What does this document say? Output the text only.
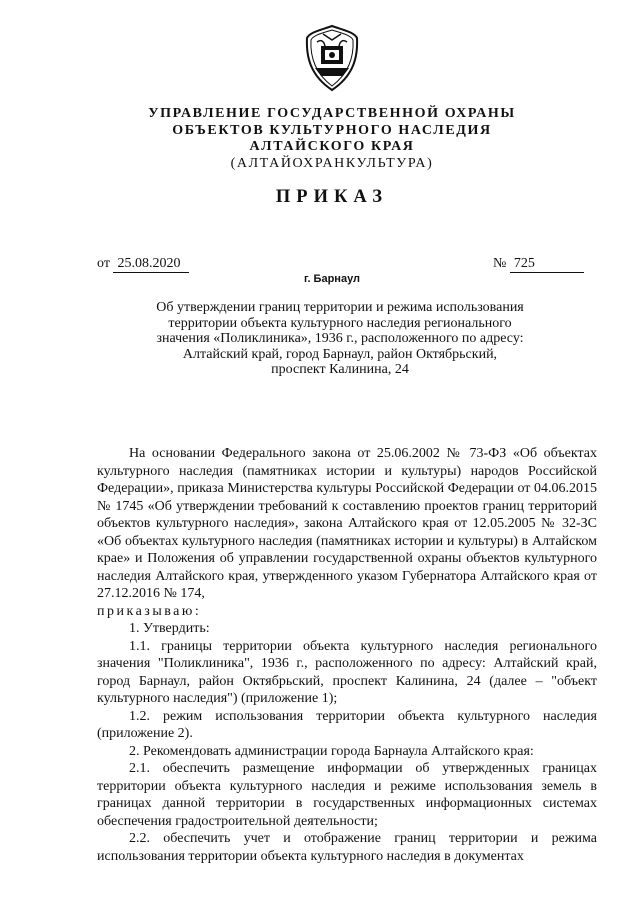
УПРАВЛЕНИЕ ГОСУДАРСТВЕННОЙ ОХРАНЫ
ОБЪЕКТОВ КУЛЬТУРНОГО НАСЛЕДИЯ
АЛТАЙСКОГО КРАЯ
(АЛТАЙОХРАНКУЛЬТУРА)
ПРИКАЗ
от 25.08.2020	№ 725
г. Барнаул
Об утверждении границ территории и режима использования
территории объекта культурного наследия регионального
значения «Поликлиника», 1936 г., расположенного по адресу:
Алтайский край, город Барнаул, район Октябрьский,
проспект Калинина, 24

На основании Федерального закона от 25.06.2002 № 73-ФЗ «Об объектах культурного наследия (памятниках истории и культуры) народов Российской Федерации», приказа Министерства культуры Российской Федерации от 04.06.2015 № 1745 «Об утверждении требований к составлению проектов границ территорий объектов культурного наследия», закона Алтайского края от 12.05.2005 № 32-ЗС «Об объектах культурного наследия (памятниках истории и культуры) в Алтайском крае» и Положения об управлении государственной охраны объектов культурного наследия Алтайского края, утвержденного указом Губернатора Алтайского края от 27.12.2016 № 174,

приказываю:

1. Утвердить:

1.1. границы территории объекта культурного наследия регионального значения "Поликлиника", 1936 г., расположенного по адресу: Алтайский край, город Барнаул, район Октябрьский, проспект Калинина, 24 (далее – "объект культурного наследия") (приложение 1);

1.2. режим использования территории объекта культурного наследия (приложение 2).

2. Рекомендовать администрации города Барнаула Алтайского края:

2.1. обеспечить размещение информации об утвержденных границах территории объекта культурного наследия и режиме использования земель в границах данной территории в государственных информационных системах обеспечения градостроительной деятельности;

2.2. обеспечить учет и отображение границ территории и режима использования территории объекта культурного наследия в документах
